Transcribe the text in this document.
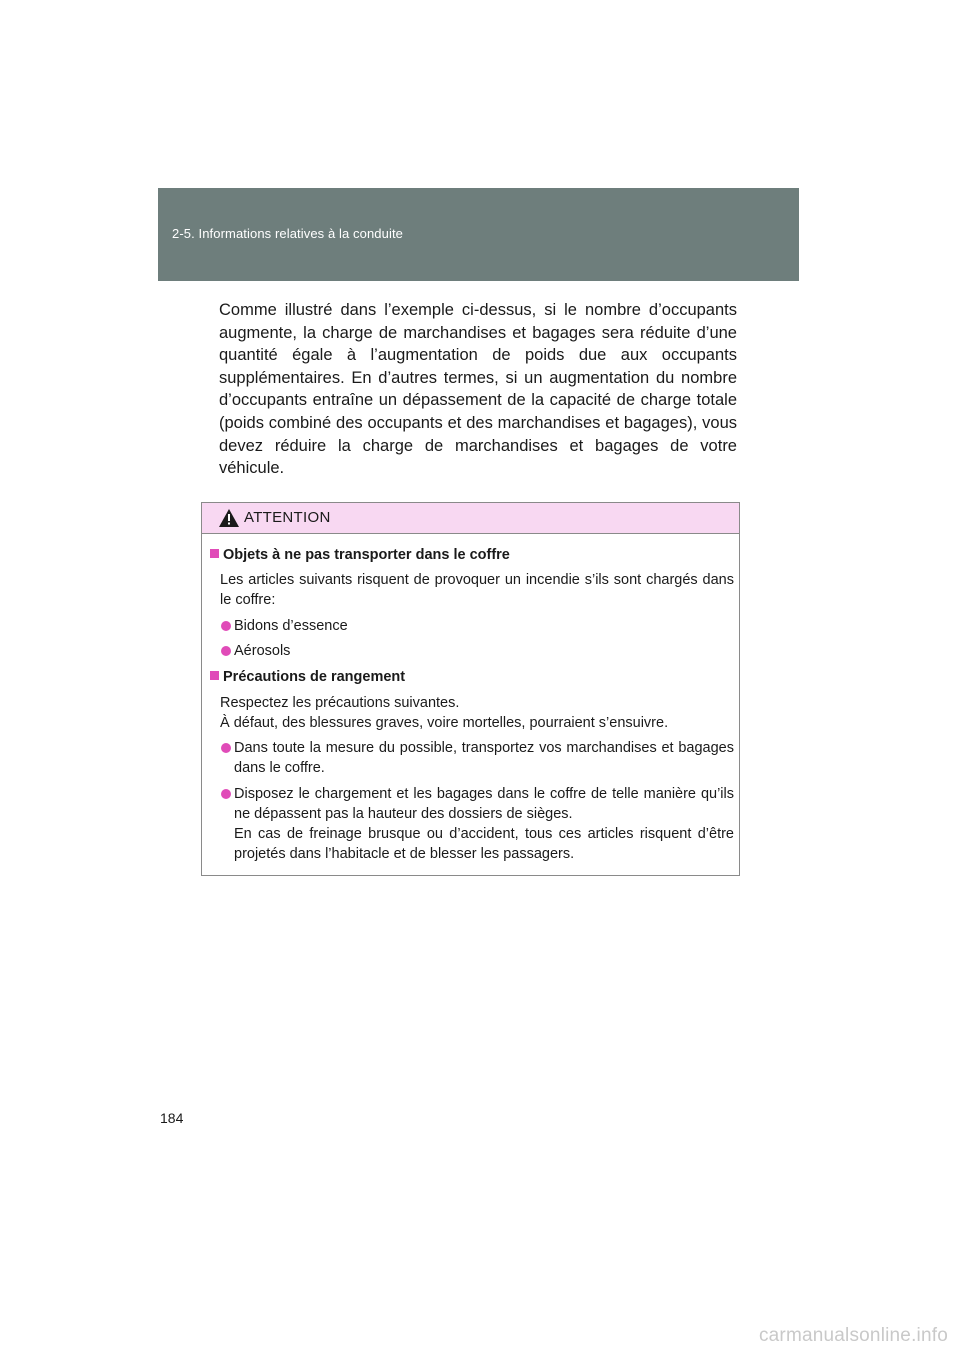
2-5. Informations relatives à la conduite

Comme illustré dans l’exemple ci-dessus, si le nombre d’occupants augmente, la charge de marchandises et bagages sera réduite d’une quantité égale à l’augmentation de poids due aux occupants supplémentaires. En d’autres termes, si un augmentation du nombre d’occupants entraîne un dépassement de la capacité de charge totale (poids combiné des occupants et des marchandises et bagages), vous devez réduire la charge de marchandises et bagages de votre véhicule.

ATTENTION
Objets à ne pas transporter dans le coffre

Les articles suivants risquent de provoquer un incendie s’ils sont chargés dans le coffre:

Bidons d’essence
Aérosols
Précautions de rangement

Respectez les précautions suivantes.

À défaut, des blessures graves, voire mortelles, pourraient s’ensuivre.

Dans toute la mesure du possible, transportez vos marchandises et bagages dans le coffre.
Disposez le chargement et les bagages dans le coffre de telle manière qu’ils ne dépassent pas la hauteur des dossiers de sièges.
En cas de freinage brusque ou d’accident, tous ces articles risquent d’être projetés dans l’habitacle et de blesser les passagers.
184
carmanualsonline.info
